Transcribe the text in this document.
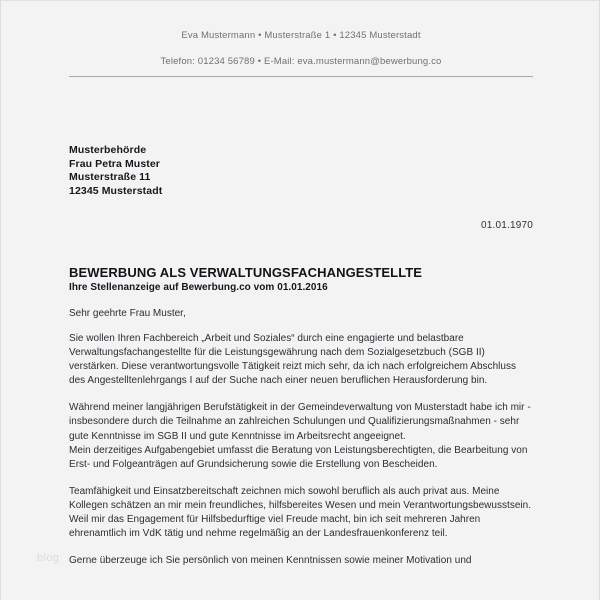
Eva Mustermann • Musterstraße 1 • 12345 Musterstadt
Telefon: 01234 56789 • E-Mail: eva.mustermann@bewerbung.co
Musterbehörde
Frau Petra Muster
Musterstraße 11
12345 Musterstadt
01.01.1970
BEWERBUNG ALS VERWALTUNGSFACHANGESTELLTE
Ihre Stellenanzeige auf Bewerbung.co vom 01.01.2016
Sehr geehrte Frau Muster,

Sie wollen Ihren Fachbereich „Arbeit und Soziales“ durch eine engagierte und belastbare Verwaltungsfachangestellte für die Leistungsgewährung nach dem Sozialgesetzbuch (SGB II) verstärken. Diese verantwortungsvolle Tätigkeit reizt mich sehr, da ich nach erfolgreichem Abschluss des Angestelltenlehrgangs I auf der Suche nach einer neuen beruflichen Herausforderung bin.

Während meiner langjährigen Berufstätigkeit in der Gemeindeverwaltung von Musterstadt habe ich mir - insbesondere durch die Teilnahme an zahlreichen Schulungen und Qualifizierungsmaßnahmen - sehr gute Kenntnisse im SGB II und gute Kenntnisse im Arbeitsrecht angeeignet.

Mein derzeitiges Aufgabengebiet umfasst die Beratung von Leistungsberechtigten, die Bearbeitung von Erst- und Folgeanträgen auf Grundsicherung sowie die Erstellung von Bescheiden.

Teamfähigkeit und Einsatzbereitschaft zeichnen mich sowohl beruflich als auch privat aus. Meine Kollegen schätzen an mir mein freundliches, hilfsbereites Wesen und mein Verantwortungsbewusstsein. Weil mir das Engagement für Hilfsbedurftige viel Freude macht, bin ich seit mehreren Jahren ehrenamtlich im VdK tätig und nehme regelmäßig an der Landesfrauenkonferenz teil.

Gerne überzeuge ich Sie persönlich von meinen Kenntnissen sowie meiner Motivation und

blog
